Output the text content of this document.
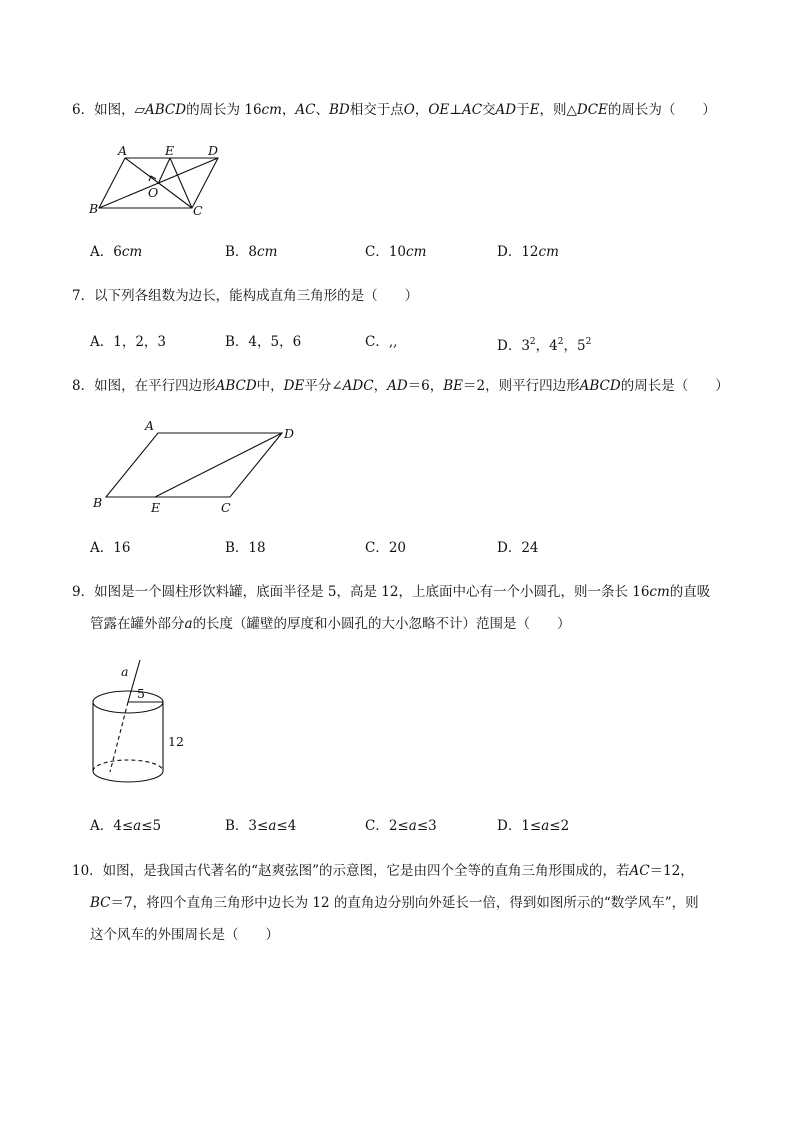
6．如图，▱ABCD的周长为 16cm，AC、BD相交于点O，OE⊥AC交AD于E，则△DCE的周长为（　　）
A	E	D
O
B	C
A．6cm	B．8cm	C．10cm	D．12cm
7．以下列各组数为边长，能构成直角三角形的是（　　）
A．1，2，3	B．4，5，6	C．,,	D．$3^2$，$4^2$，$5^2$
8．如图，在平行四边形ABCD中，DE平分∠ADC，AD＝6，BE＝2，则平行四边形ABCD的周长是（　　）
A
D
B	E	C
A．16	B．18	C．20	D．24
9．如图是一个圆柱形饮料罐，底面半径是 5，高是 12，上底面中心有一个小圆孔，则一条长 16cm的直吸
管露在罐外部分a的长度（罐壁的厚度和小圆孔的大小忽略不计）范围是（　　）
a
5
12
A．4≤a≤5	B．3≤a≤4	C．2≤a≤3	D．1≤a≤2
10．如图，是我国古代著名的“赵爽弦图”的示意图，它是由四个全等的直角三角形围成的，若AC＝12，
BC＝7，将四个直角三角形中边长为 12 的直角边分别向外延长一倍，得到如图所示的“数学风车”，则
这个风车的外围周长是（　　）
